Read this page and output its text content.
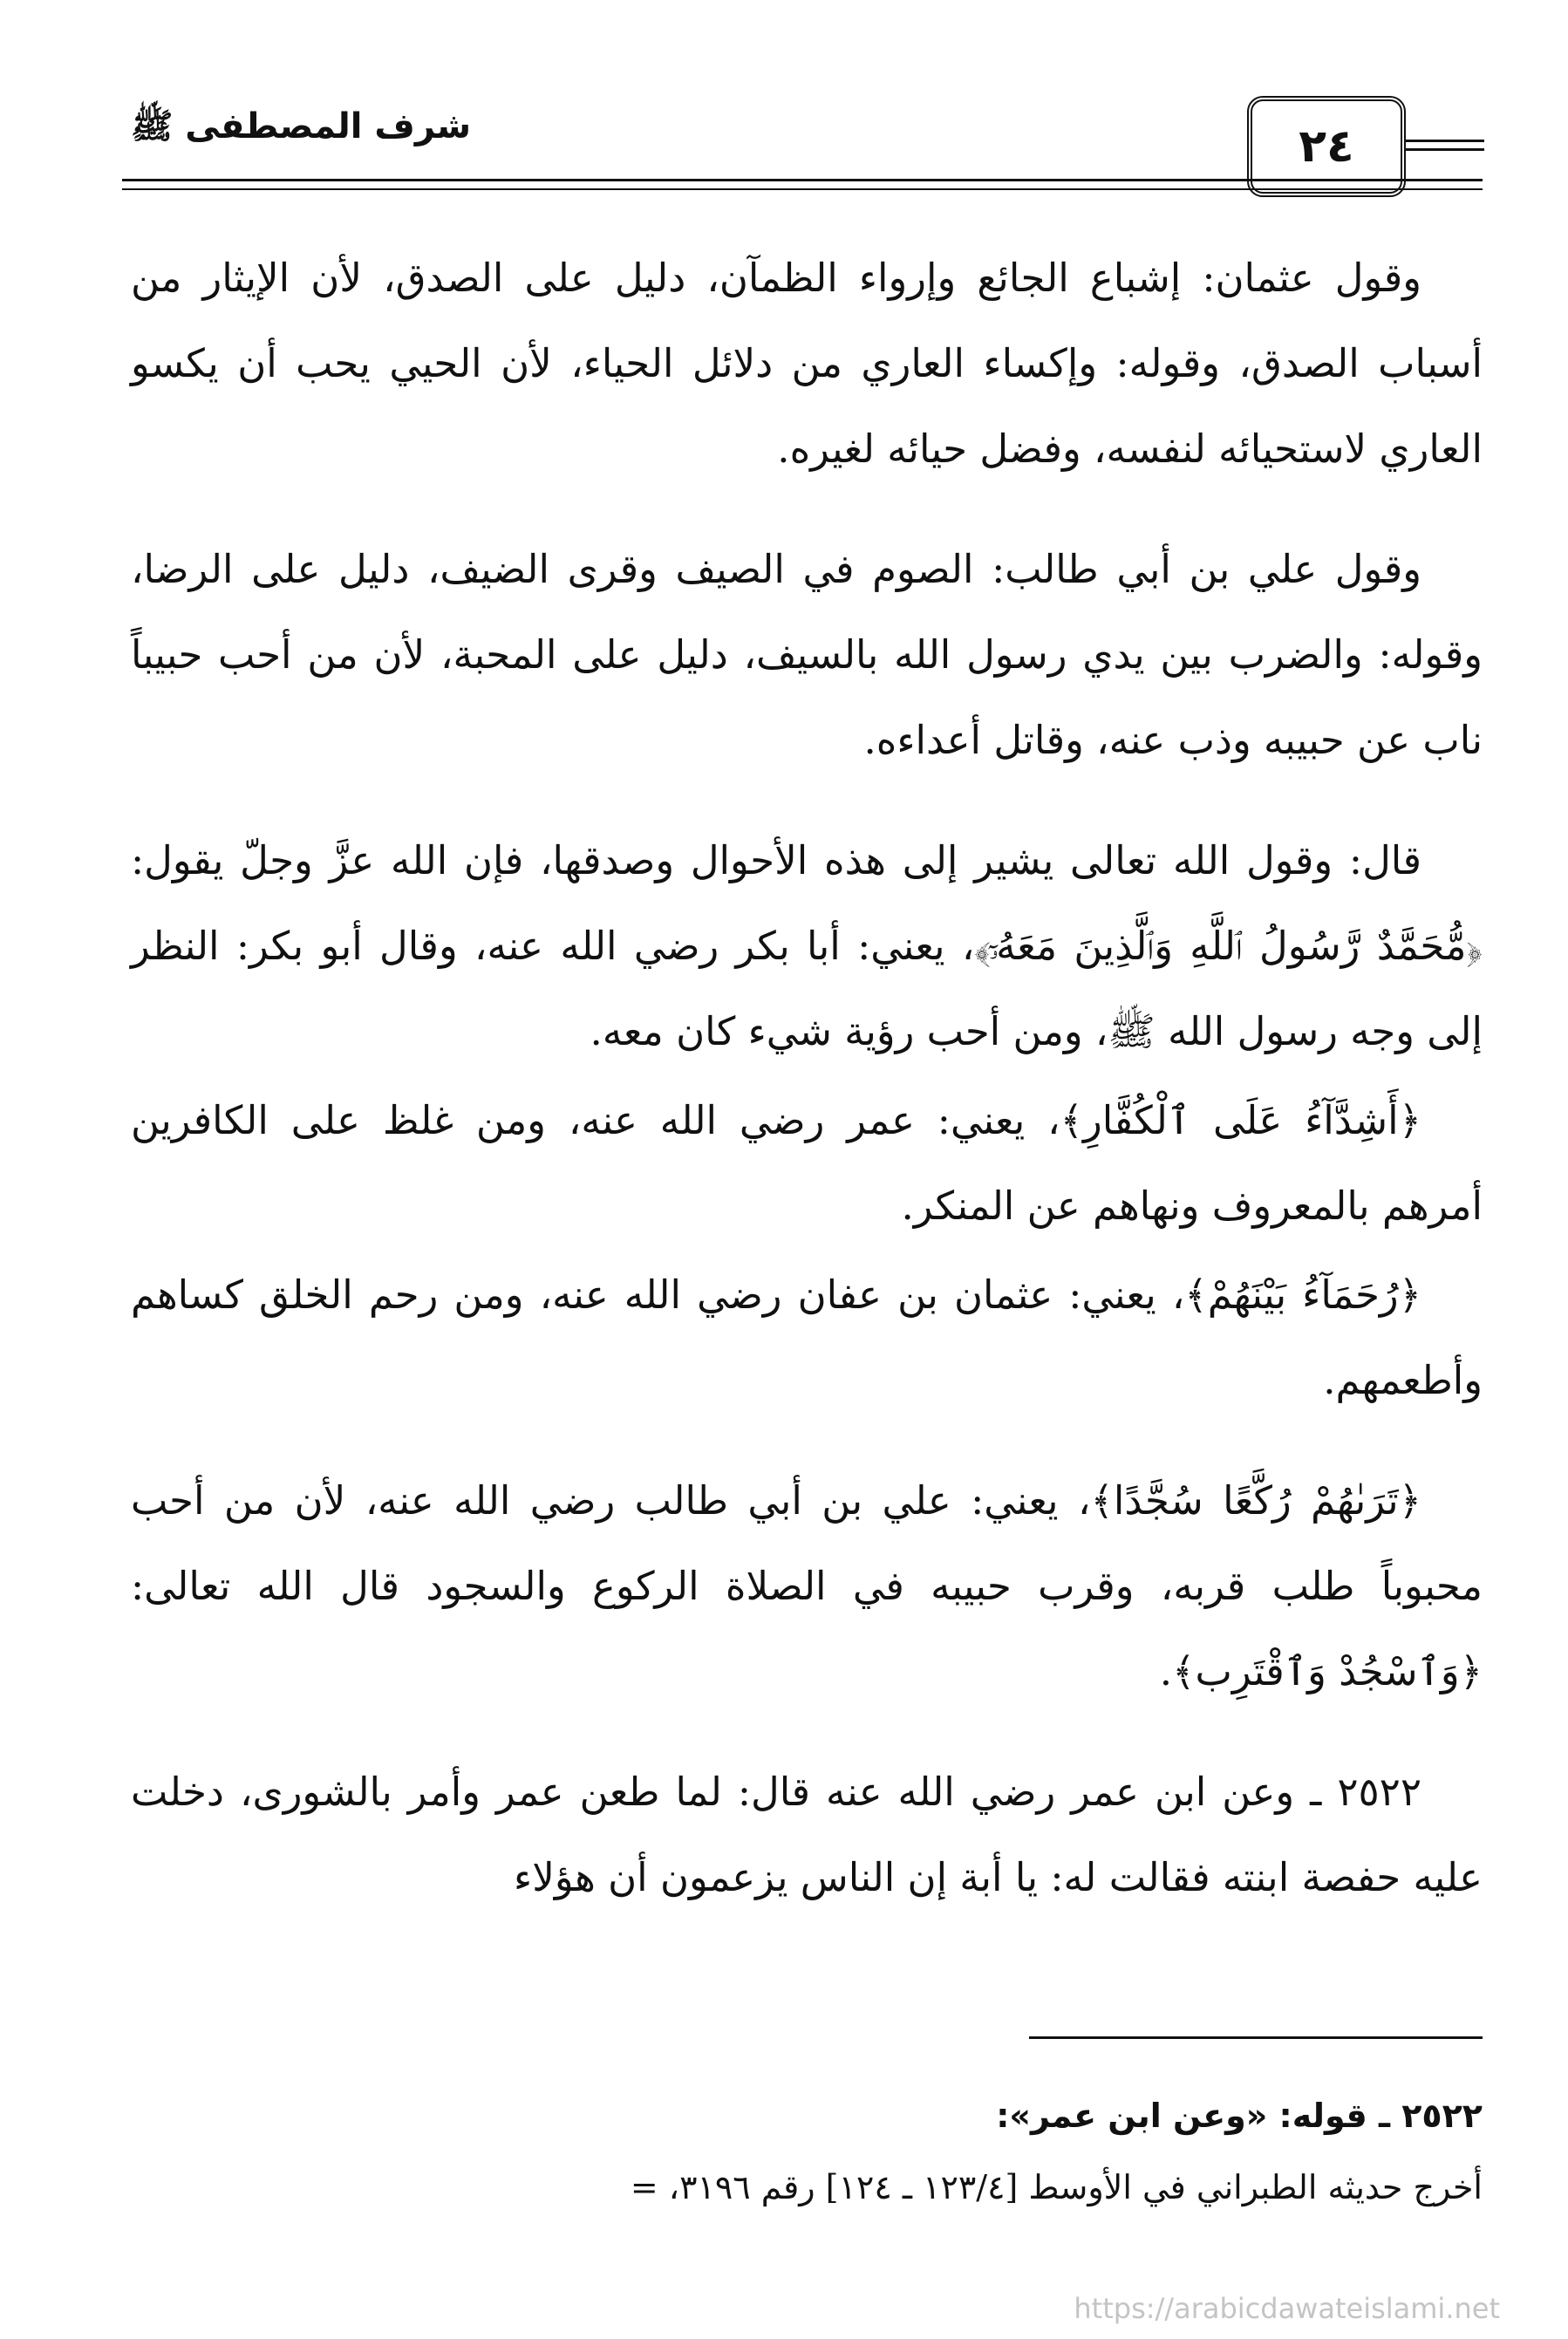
شرف المصطفى ﷺ	٢٤

وقول عثمان: إشباع الجائع وإرواء الظمآن، دليل على الصدق، لأن الإيثار من أسباب الصدق، وقوله: وإكساء العاري من دلائل الحياء، لأن الحيي يحب أن يكسو العاري لاستحيائه لنفسه، وفضل حيائه لغيره.

وقول علي بن أبي طالب: الصوم في الصيف وقرى الضيف، دليل على الرضا، وقوله: والضرب بين يدي رسول الله بالسيف، دليل على المحبة، لأن من أحب حبيباً ناب عن حبيبه وذب عنه، وقاتل أعداءه.

قال: وقول الله تعالى يشير إلى هذه الأحوال وصدقها، فإن الله عزَّ وجلّ يقول: ﴿مُّحَمَّدٌ رَّسُولُ ٱللَّهِ وَٱلَّذِينَ مَعَهُۥٓ﴾، يعني: أبا بكر رضي الله عنه، وقال أبو بكر: النظر إلى وجه رسول الله ﷺ، ومن أحب رؤية شيء كان معه.

﴿أَشِدَّآءُ عَلَى ٱلْكُفَّارِ﴾، يعني: عمر رضي الله عنه، ومن غلظ على الكافرين أمرهم بالمعروف ونهاهم عن المنكر.

﴿رُحَمَآءُ بَيْنَهُمْ﴾، يعني: عثمان بن عفان رضي الله عنه، ومن رحم الخلق كساهم وأطعمهم.

﴿تَرَىٰهُمْ رُكَّعًا سُجَّدًا﴾، يعني: علي بن أبي طالب رضي الله عنه، لأن من أحب محبوباً طلب قربه، وقرب حبيبه في الصلاة الركوع والسجود قال الله تعالى: ﴿وَٱسْجُدْ وَٱقْتَرِب﴾.

٢٥٢٢ ـ وعن ابن عمر رضي الله عنه قال: لما طعن عمر وأمر بالشورى، دخلت عليه حفصة ابنته فقالت له: يا أبة إن الناس يزعمون أن هؤلاء

٢٥٢٢ ـ قوله: «وعن ابن عمر»:
أخرج حديثه الطبراني في الأوسط [١٢٣/٤ ـ ١٢٤] رقم ٣١٩٦، =
https://arabicdawateislami.net
